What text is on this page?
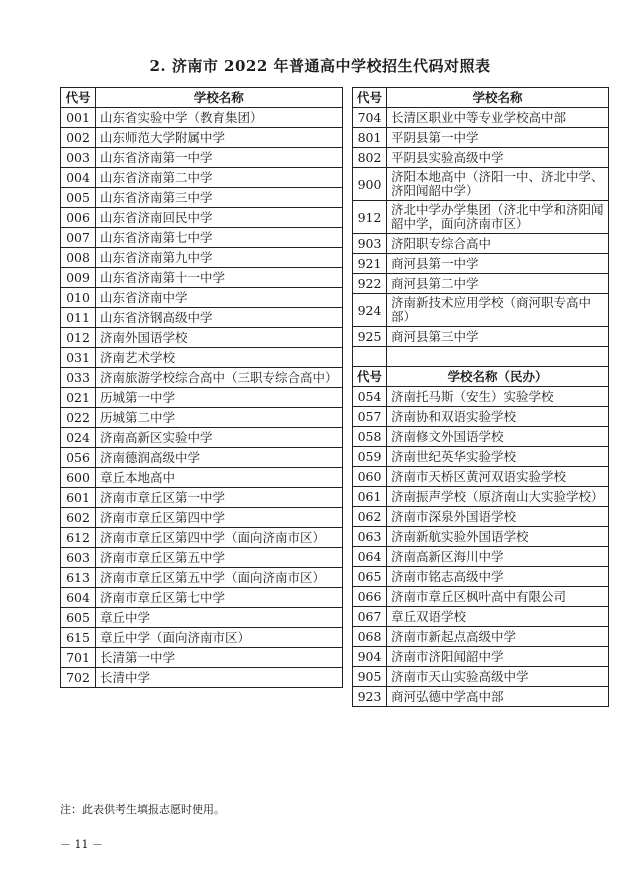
2. 济南市 2022 年普通高中学校招生代码对照表
代号	学校名称
001	山东省实验中学（教育集团）
002	山东师范大学附属中学
003	山东省济南第一中学
004	山东省济南第二中学
005	山东省济南第三中学
006	山东省济南回民中学
007	山东省济南第七中学
008	山东省济南第九中学
009	山东省济南第十一中学
010	山东省济南中学
011	山东省济钢高级中学
012	济南外国语学校
031	济南艺术学校
033	济南旅游学校综合高中（三职专综合高中）
021	历城第一中学
022	历城第二中学
024	济南高新区实验中学
056	济南德润高级中学
600	章丘本地高中
601	济南市章丘区第一中学
602	济南市章丘区第四中学
612	济南市章丘区第四中学（面向济南市区）
603	济南市章丘区第五中学
613	济南市章丘区第五中学（面向济南市区）
604	济南市章丘区第七中学
605	章丘中学
615	章丘中学（面向济南市区）
701	长清第一中学
702	长清中学
代号	学校名称
704	长清区职业中等专业学校高中部
801	平阴县第一中学
802	平阴县实验高级中学
900	济阳本地高中（济阳一中、济北中学、济阳闻韶中学）
912	济北中学办学集团（济北中学和济阳闻韶中学，面向济南市区）
903	济阳职专综合高中
921	商河县第一中学
922	商河县第二中学
924	济南新技术应用学校（商河职专高中部）
925	商河县第三中学

代号	学校名称（民办）
054	济南托马斯（安生）实验学校
057	济南协和双语实验学校
058	济南修文外国语学校
059	济南世纪英华实验学校
060	济南市天桥区黄河双语实验学校
061	济南振声学校（原济南山大实验学校）
062	济南市深泉外国语学校
063	济南新航实验外国语学校
064	济南高新区海川中学
065	济南市铭志高级中学
066	济南市章丘区枫叶高中有限公司
067	章丘双语学校
068	济南市新起点高级中学
904	济南市济阳闻韶中学
905	济南市天山实验高级中学
923	商河弘德中学高中部
注：此表供考生填报志愿时使用。
－ 11 －
